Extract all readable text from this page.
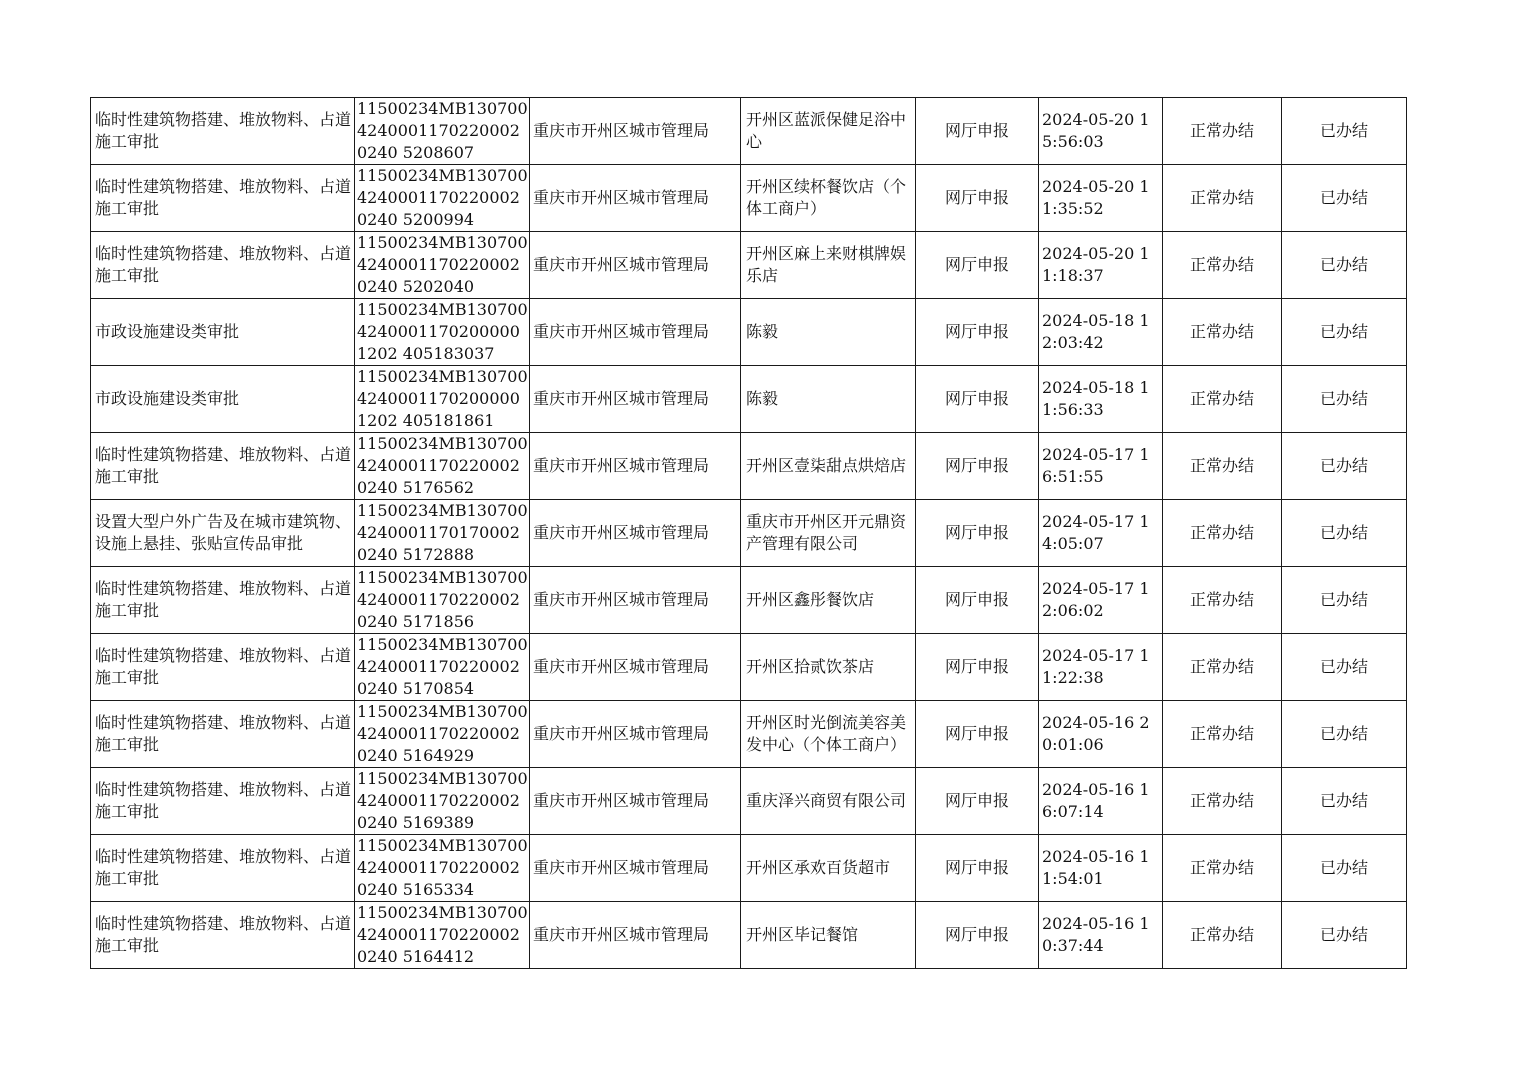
临时性建筑物搭建、堆放物料、占道施工审批	11500234MB13070042400011702200020240 5208607	重庆市开州区城市管理局	开州区蓝派保健足浴中心	网厅申报	2024-05-20 15:56:03	正常办结	已办结
临时性建筑物搭建、堆放物料、占道施工审批	11500234MB13070042400011702200020240 5200994	重庆市开州区城市管理局	开州区续杯餐饮店（个体工商户）	网厅申报	2024-05-20 11:35:52	正常办结	已办结
临时性建筑物搭建、堆放物料、占道施工审批	11500234MB13070042400011702200020240 5202040	重庆市开州区城市管理局	开州区麻上来财棋牌娱乐店	网厅申报	2024-05-20 11:18:37	正常办结	已办结
市政设施建设类审批	11500234MB13070042400011702000001202 405183037	重庆市开州区城市管理局	陈毅	网厅申报	2024-05-18 12:03:42	正常办结	已办结
市政设施建设类审批	11500234MB13070042400011702000001202 405181861	重庆市开州区城市管理局	陈毅	网厅申报	2024-05-18 11:56:33	正常办结	已办结
临时性建筑物搭建、堆放物料、占道施工审批	11500234MB13070042400011702200020240 5176562	重庆市开州区城市管理局	开州区壹柒甜点烘焙店	网厅申报	2024-05-17 16:51:55	正常办结	已办结
设置大型户外广告及在城市建筑物、设施上悬挂、张贴宣传品审批	11500234MB13070042400011701700020240 5172888	重庆市开州区城市管理局	重庆市开州区开元鼎资产管理有限公司	网厅申报	2024-05-17 14:05:07	正常办结	已办结
临时性建筑物搭建、堆放物料、占道施工审批	11500234MB13070042400011702200020240 5171856	重庆市开州区城市管理局	开州区鑫彤餐饮店	网厅申报	2024-05-17 12:06:02	正常办结	已办结
临时性建筑物搭建、堆放物料、占道施工审批	11500234MB13070042400011702200020240 5170854	重庆市开州区城市管理局	开州区拾贰饮茶店	网厅申报	2024-05-17 11:22:38	正常办结	已办结
临时性建筑物搭建、堆放物料、占道施工审批	11500234MB13070042400011702200020240 5164929	重庆市开州区城市管理局	开州区时光倒流美容美发中心（个体工商户）	网厅申报	2024-05-16 20:01:06	正常办结	已办结
临时性建筑物搭建、堆放物料、占道施工审批	11500234MB13070042400011702200020240 5169389	重庆市开州区城市管理局	重庆泽兴商贸有限公司	网厅申报	2024-05-16 16:07:14	正常办结	已办结
临时性建筑物搭建、堆放物料、占道施工审批	11500234MB13070042400011702200020240 5165334	重庆市开州区城市管理局	开州区承欢百货超市	网厅申报	2024-05-16 11:54:01	正常办结	已办结
临时性建筑物搭建、堆放物料、占道施工审批	11500234MB13070042400011702200020240 5164412	重庆市开州区城市管理局	开州区毕记餐馆	网厅申报	2024-05-16 10:37:44	正常办结	已办结
